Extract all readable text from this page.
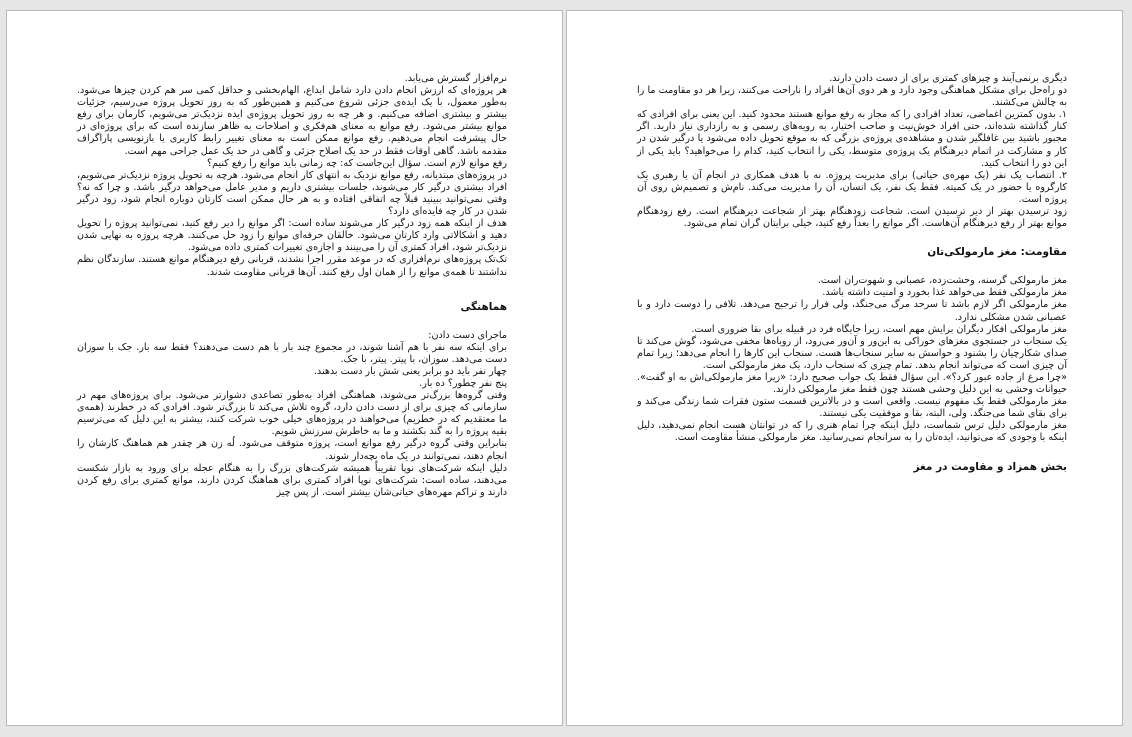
نرم‌افزار گسترش می‌یابد.

هر پروژه‌ای که ارزش انجام دادن دارد شامل ابداع، الهام‌بخشی و حداقل کمی سر هم کردن چیزها می‌شود. به‌طور معمول، با یک ایده‌ی جزئی شروع می‌کنیم و همین‌طور که به روز تحویل پروژه می‌رسیم، جزئیات بیشتر و بیشتری اضافه می‌کنیم. و هر چه به روز تحویل پروژه‌ی ایده نزدیک‌تر می‌شویم، کارمان برای رفع موانع بیشتر می‌شود. رفع موانع به معنای هم‌فکری و اصلاحات به ظاهر سازنده است که برای پروژه‌ای در حال پیشرفت انجام می‌دهیم. رفع موانع ممکن است به معنای تغییر رابط کاربری یا بازنویسی پاراگراف مقدمه باشد. گاهی اوقات فقط در حد یک اصلاح جزئی و گاهی در حد یک عمل جراحی مهم است.

رفع موانع لازم است. سؤال این‌جاست که: چه زمانی باید موانع را رفع کنیم؟

در پروژه‌های مبتدیانه، رفع موانع نزدیک به انتهای کار انجام می‌شود. هرچه به تحویل پروژه نزدیک‌تر می‌شویم، افراد بیشتری درگیر کار می‌شوند، جلسات بیشتری داریم و مدیر عامل می‌خواهد درگیر باشد. و چرا که نه؟ وقتی نمی‌توانید ببینید قبلاً چه اتفاقی افتاده و به هر حال ممکن است کارتان دوباره انجام شود، زود درگیر شدن در کار چه فایده‌ای دارد؟

هدف از اینکه همه زود درگیر کار می‌شوند ساده است: اگر موانع را دیر رفع کنید، نمی‌توانید پروژه را تحویل دهید و اشکالاتی وارد کارتان می‌شود. خالقان حرفه‌ای موانع را زود حل می‌کنند. هرچه پروژه به نهایی شدن نزدیک‌تر شود، افراد کمتری آن را می‌بینند و اجازه‌ی تغییرات کمتری داده می‌شود.

تک‌تک پروژه‌های نرم‌افزاری که در موعد مقرر اجرا نشدند، قربانی رفع دیرهنگام موانع هستند. سازندگان نظم نداشتند تا همه‌ی موانع را از همان اول رفع کنند. آن‌ها قربانی مقاومت شدند.

هماهنگی

ماجرای دست دادن:

برای اینکه سه نفر با هم آشنا شوند، در مجموع چند بار با هم دست می‌دهند؟ فقط سه بار. جک با سوزان دست می‌دهد. سوزان، با پیتر. پیتر، با جک.

چهار نفر باید دو برابر یعنی شش بار دست بدهند.

پنج نفر چطور؟ ده بار.

وقتی گروه‌ها بزرگ‌تر می‌شوند، هماهنگی افراد به‌طور تصاعدی دشوارتر می‌شود. برای پروژه‌های مهم در سازمانی که چیزی برای از دست دادن دارد، گروه تلاش می‌کند تا بزرگ‌تر شود. افرادی که در خطرند (همه‌ی ما معتقدیم که در خطریم) می‌خواهند در پروژه‌های خیلی خوب شرکت کنند، بیشتر به این دلیل که می‌ترسیم بقیه پروژه را به گند بکشند و ما به خاطرش سرزنش شویم.

بنابراین وقتی گروه درگیر رفع موانع است، پروژه متوقف می‌شود. لُه زن هر چقدر هم هماهنگ کارشان را انجام دهند، نمی‌توانند در یک ماه بچه‌دار شوند.

دلیل اینکه شرکت‌های نوپا تقریباً همیشه شرکت‌های بزرگ را به هنگام عجله برای ورود به بازار شکست می‌دهند، ساده است: شرکت‌های نوپا افراد کمتری برای هماهنگ کردن دارند، موانع کمتری برای رفع کردن دارند و تراکم مهره‌های حیاتی‌شان بیشتر است. از پس چیز

دیگری برنمی‌آیند و چیزهای کمتری برای از دست دادن دارند.

دو راه‌حل برای مشکل هماهنگی وجود دارد و هر دوی آن‌ها افراد را ناراحت می‌کنند، زیرا هر دو مقاومت ما را به چالش می‌کشند.

۱. بدون کمترین اغماضی، تعداد افرادی را که مجاز به رفع موانع هستند محدود کنید. این یعنی برای افرادی که کنار گذاشته شده‌اند، حتی افراد خوش‌نیت و صاحب اختیار، به رویه‌های رسمی و به رازداری نیاز دارید. اگر مجبور باشید بین غافلگیر شدن و مشاهده‌ی پروژه‌ی بزرگی که به موقع تحویل داده می‌شود یا درگیر شدن در کار و مشارکت در اتمام دیرهنگام یک پروژه‌ی متوسط، یکی را انتخاب کنید، کدام را می‌خواهید؟ باید یکی از این دو را انتخاب کنید.

۲. انتصاب یک نفر (یک مهره‌ی حیاتی) برای مدیریت پروژه. نه با هدف همکاری در انجام آن یا رهبری یک کارگروه یا حضور در یک کمیته. فقط یک نفر، یک انسان، آن را مدیریت می‌کند. نام‌ش و تصمیم‌ش روی آن پروژه است.

زود ترسیدن بهتر از دیر ترسیدن است. شجاعت زودهنگام بهتر از شجاعت دیرهنگام است. رفع زودهنگام موانع بهتر از رفع دیرهنگام آن‌هاست. اگر موانع را بعداً رفع کنید، خیلی برایتان گران تمام می‌شود.

مقاومت: مغز مارمولکی‌تان

مغز مارمولکی گرسنه، وحشت‌زده، عصبانی و شهوت‌ران است.

مغز مارمولکی فقط می‌خواهد غذا بخورد و امنیت داشته باشد.

مغز مارمولکی اگر لازم باشد تا سرحد مرگ می‌جنگد، ولی فرار را ترجیح می‌دهد. تلافی را دوست دارد و با عصبانی شدن مشکلی ندارد.

مغز مارمولکی افکار دیگران برایش مهم است، زیرا جایگاه فرد در قبیله برای بقا ضروری است.

یک سنجاب در جستجوی مغزهای خوراکی به این‌ور و آن‌ور می‌رود، از روباه‌ها مخفی می‌شود، گوش می‌کند تا صدای شکارچیان را بشنود و حواسش به سایر سنجاب‌ها هست. سنجاب این کارها را انجام می‌دهد؛ زیرا تمام آن چیزی است که می‌تواند انجام بدهد. تمام چیزی که سنجاب دارد، یک مغز مارمولکی است.

«چرا مرغ از جاده عبور کرد؟». این سؤال فقط یک جواب صحیح دارد: «زیرا مغز مارمولکی‌اش به او گفت». حیوانات وحشی به این دلیل وحشی هستند چون فقط مغز مارمولکی دارند.

مغز مارمولکی فقط یک مفهوم نیست. واقعی است و در بالاترین قسمت ستون فقرات شما زندگی می‌کند و برای بقای شما می‌جنگد. ولی، البته، بقا و موفقیت یکی نیستند.

مغز مارمولکی دلیل ترس شماست، دلیل اینکه چرا تمام هنری را که در توانتان هست انجام نمی‌دهید، دلیل اینکه با وجودی که می‌توانید، ایده‌تان را به سرانجام نمی‌رسانید. مغز مارمولکی منشأ مقاومت است.

بخش همزاد و مقاومت در مغز
